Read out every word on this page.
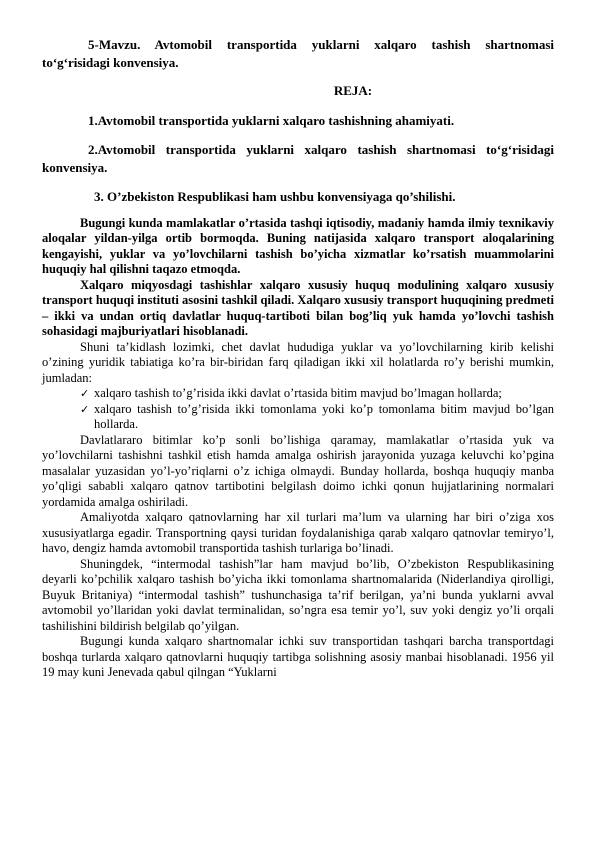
5-Mavzu. Avtomobil transportida yuklarni xalqaro tashish shartnomasi to‘g‘risidagi konvensiya.

REJA:

1.Avtomobil transportida yuklarni xalqaro tashishning ahamiyati.

2.Avtomobil transportida yuklarni xalqaro tashish shartnomasi to‘g‘risidagi konvensiya.

3. O’zbekiston Respublikasi ham ushbu konvensiyaga qo’shilishi.

Bugungi kunda mamlakatlar o’rtasida tashqi iqtisodiy, madaniy hamda ilmiy texnikaviy aloqalar yildan-yilga ortib bormoqda. Buning natijasida xalqaro transport aloqalarining kengayishi, yuklar va yo’lovchilarni tashish bo’yicha xizmatlar ko’rsatish muammolarini huquqiy hal qilishni taqazo etmoqda.

Xalqaro miqyosdagi tashishlar xalqaro xususiy huquq modulining xalqaro xususiy transport huquqi instituti asosini tashkil qiladi. Xalqaro xususiy transport huquqining predmeti – ikki va undan ortiq davlatlar huquq-tartiboti bilan bog’liq yuk hamda yo’lovchi tashish sohasidagi majburiyatlari hisoblanadi.

Shuni ta’kidlash lozimki, chet davlat hududiga yuklar va yo’lovchilarning kirib kelishi o’zining yuridik tabiatiga ko’ra bir-biridan farq qiladigan ikki xil holatlarda ro’y berishi mumkin, jumladan:

✓ xalqaro tashish to’g’risida ikki davlat o’rtasida bitim mavjud bo’lmagan hollarda;
✓ xalqaro tashish to’g’risida ikki tomonlama yoki ko’p tomonlama bitim mavjud bo’lgan hollarda.

Davlatlararo bitimlar ko’p sonli bo’lishiga qaramay, mamlakatlar o’rtasida yuk va yo’lovchilarni tashishni tashkil etish hamda amalga oshirish jarayonida yuzaga keluvchi ko’pgina masalalar yuzasidan yo’l-yo’riqlarni o’z ichiga olmaydi. Bunday hollarda, boshqa huquqiy manba yo’qligi sababli xalqaro qatnov tartibotini belgilash doimo ichki qonun hujjatlarining normalari yordamida amalga oshiriladi.

Amaliyotda xalqaro qatnovlarning har xil turlari ma’lum va ularning har biri o’ziga xos xususiyatlarga egadir. Transportning qaysi turidan foydalanishiga qarab xalqaro qatnovlar temiryo’l, havo, dengiz hamda avtomobil transportida tashish turlariga bo’linadi.

Shuningdek, “intermodal tashish”lar ham mavjud bo’lib, O’zbekiston Respublikasining deyarli ko’pchilik xalqaro tashish bo’yicha ikki tomonlama shartnomalarida (Niderlandiya qirolligi, Buyuk Britaniya) “intermodal tashish” tushunchasiga ta’rif berilgan, ya’ni bunda yuklarni avval avtomobil yo’llaridan yoki davlat terminalidan, so’ngra esa temir yo’l, suv yoki dengiz yo’li orqali tashilishini bildirish belgilab qo’yilgan.

Bugungi kunda xalqaro shartnomalar ichki suv transportidan tashqari barcha transportdagi boshqa turlarda xalqaro qatnovlarni huquqiy tartibga solishning asosiy manbai hisoblanadi. 1956 yil 19 may kuni Jenevada qabul qilngan “Yuklarni
